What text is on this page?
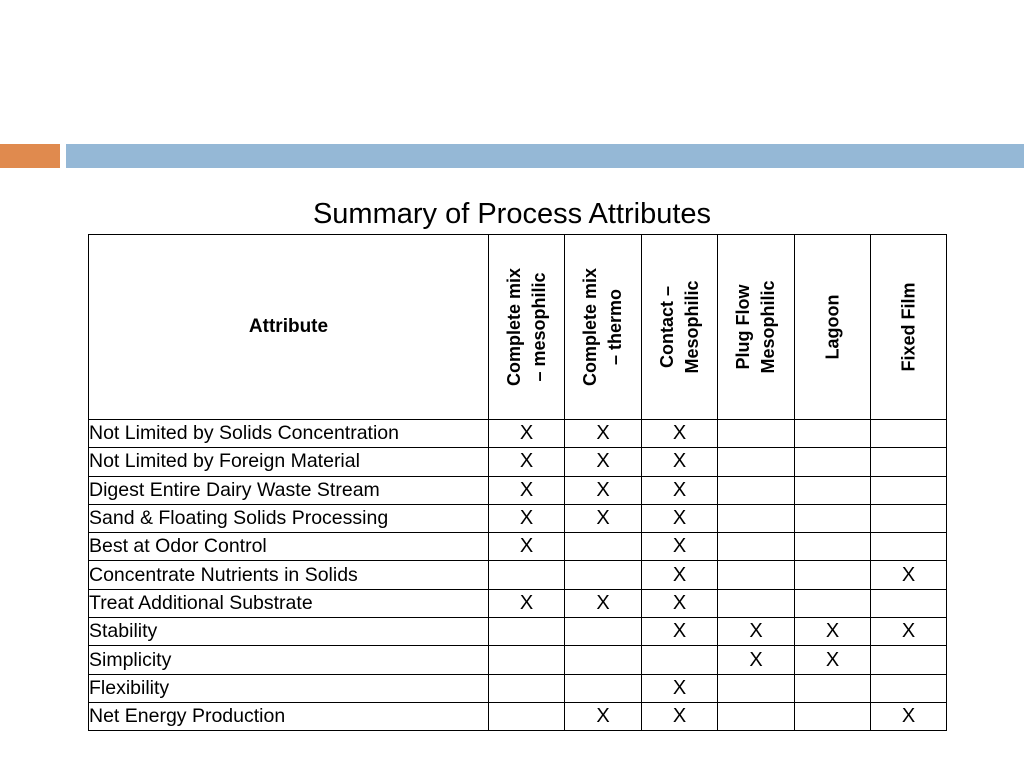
Summary of Process Attributes
Attribute	Complete mix – mesophilic	Complete mix – thermo	Contact – Mesophilic	Plug Flow Mesophilic	Lagoon	Fixed Film

Not Limited by Solids Concentration	X	X	X			
Not Limited by Foreign Material	X	X	X			
Digest Entire Dairy Waste Stream	X	X	X			
Sand & Floating Solids Processing	X	X	X			
Best at Odor Control	X		X			
Concentrate Nutrients in Solids			X			X
Treat Additional Substrate	X	X	X			
Stability			X	X	X	X
Simplicity				X	X	
Flexibility			X			
Net Energy Production		X	X			X
